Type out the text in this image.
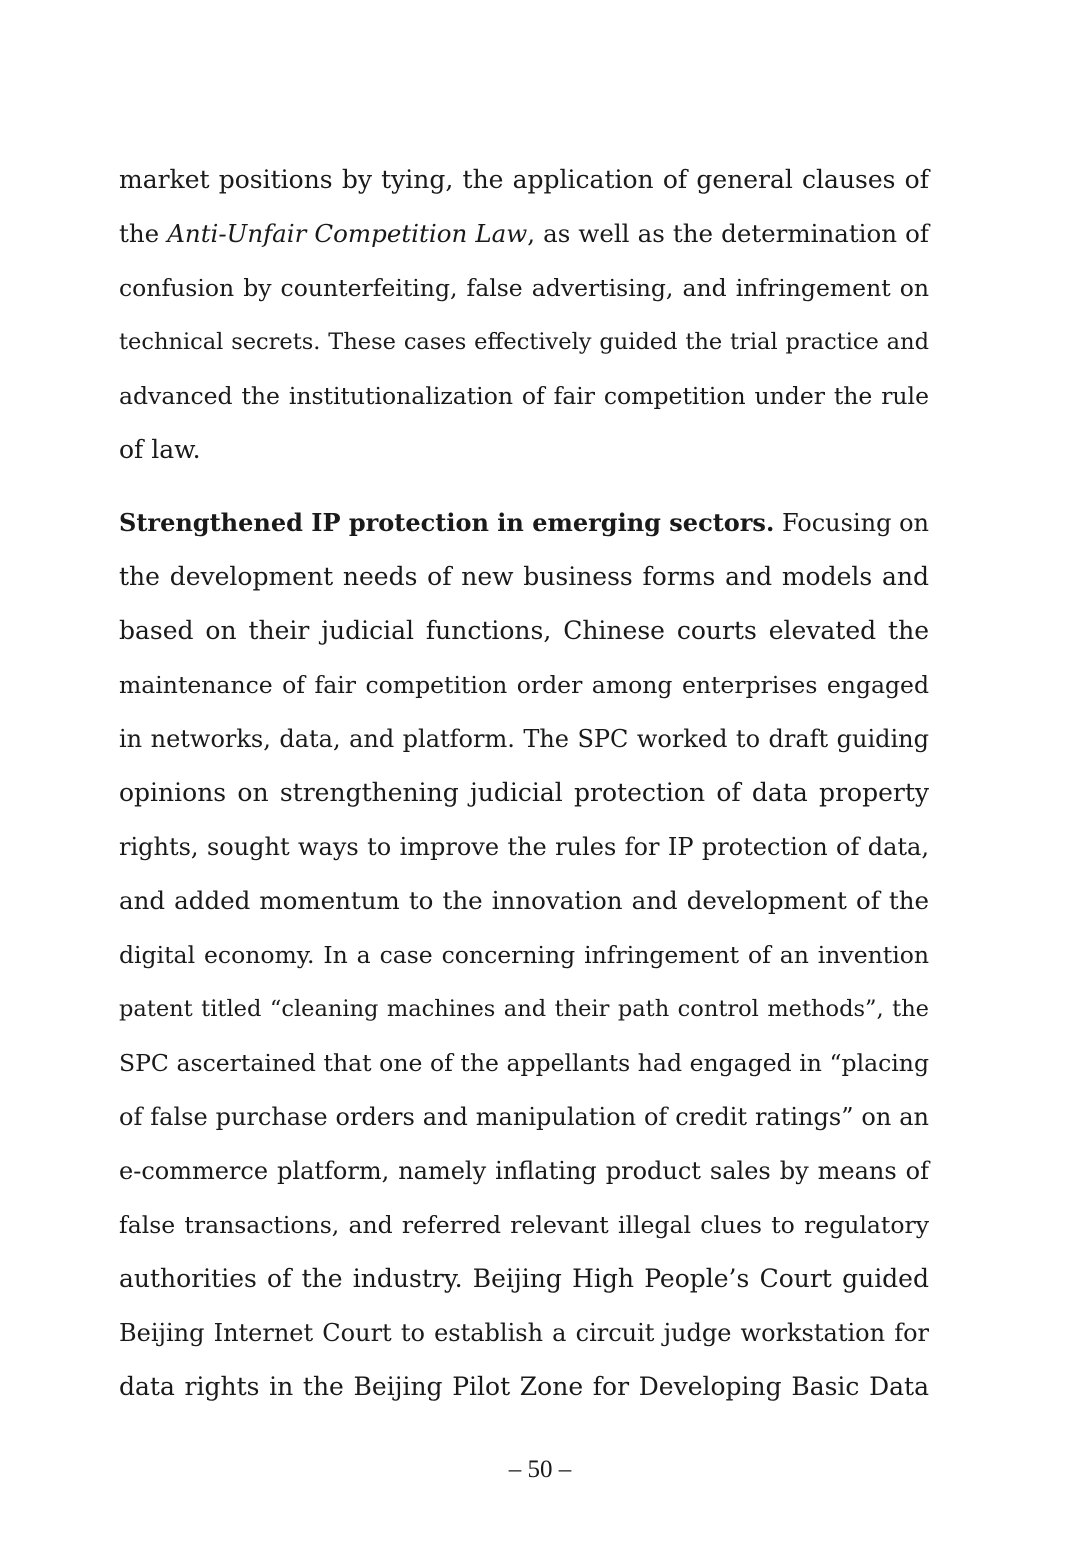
market positions by tying, the application of general clauses of
the Anti-Unfair Competition Law, as well as the determination of
confusion by counterfeiting, false advertising, and infringement on
technical secrets. These cases effectively guided the trial practice and
advanced the institutionalization of fair competition under the rule
of law.
Strengthened IP protection in emerging sectors. Focusing on
the development needs of new business forms and models and
based on their judicial functions, Chinese courts elevated the
maintenance of fair competition order among enterprises engaged
in networks, data, and platform. The SPC worked to draft guiding
opinions on strengthening judicial protection of data property
rights, sought ways to improve the rules for IP protection of data,
and added momentum to the innovation and development of the
digital economy. In a case concerning infringement of an invention
patent titled “cleaning machines and their path control methods”, the
SPC ascertained that one of the appellants had engaged in “placing
of false purchase orders and manipulation of credit ratings” on an
e-commerce platform, namely inflating product sales by means of
false transactions, and referred relevant illegal clues to regulatory
authorities of the industry. Beijing High People’s Court guided
Beijing Internet Court to establish a circuit judge workstation for
data rights in the Beijing Pilot Zone for Developing Basic Data
– 50 –
